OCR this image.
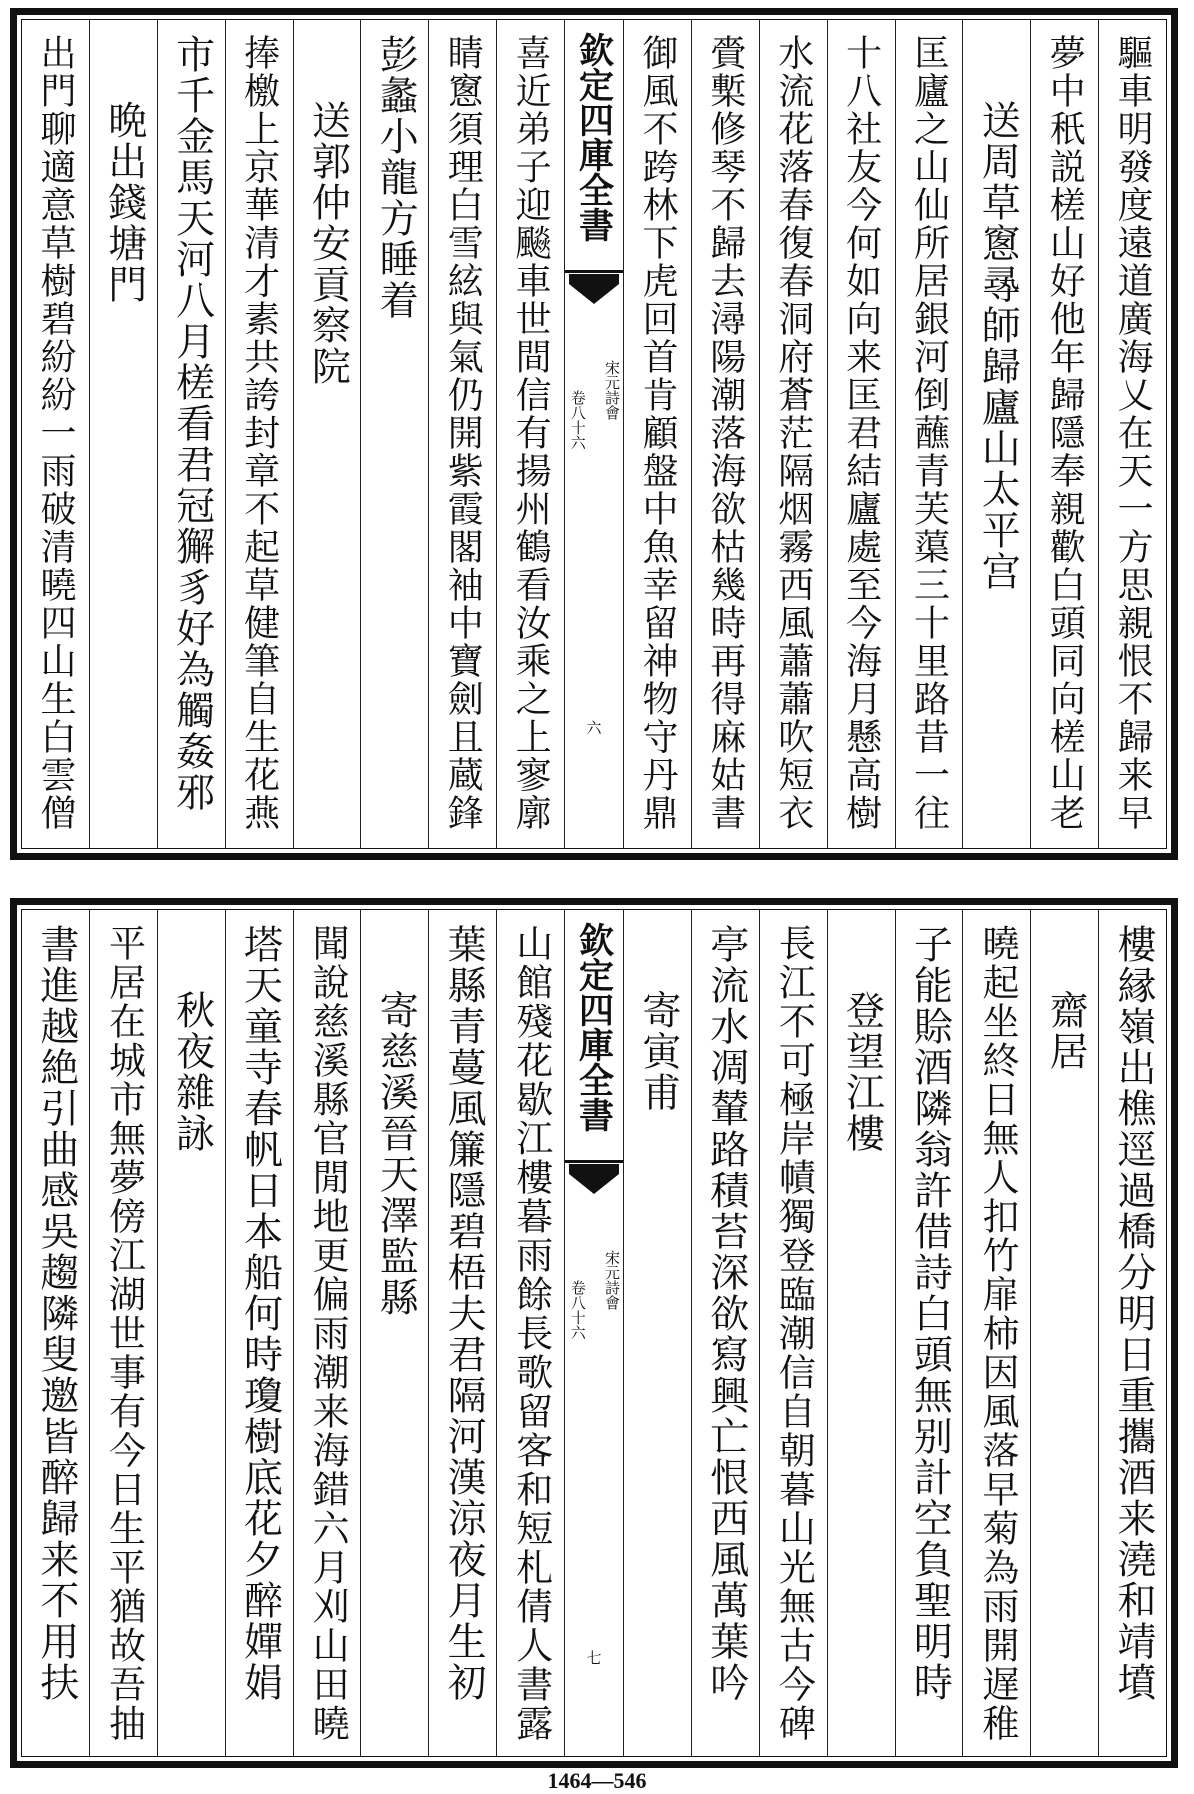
驅車明發度遠道廣海乂在天一方思親恨不歸来早
夢中秖説槎山好他年歸隱奉親歡白頭同向槎山老
送周草窻㝷師歸廬山太平宫
匡廬之山仙所居銀河倒蘸青芙蕖三十里路昔一往
十八社友今何如向来匡君結廬處至今海月懸高樹
水流花落春復春洞府蒼茫隔烟霧西風蕭蕭吹短衣
賫槧修琴不歸去潯陽潮落海欲枯幾時再得麻姑書
御風不跨林下虎回首肯顧盤中魚幸留神物守丹鼎
欽定四庫全書
宋元詩會
卷八十六
六
喜近弟子迎飈車世間信有揚州鶴看汝乘之上寥廓
睛窻須理白雪絃與氣仍開紫霞閣袖中寶劍且蔵鋒
彭蠡小龍方睡着
送郭仲安貢察院
捧檄上京華清才素共誇封章不起草健筆自生花燕
市千金馬天河八月槎看君冠獬豸好為觸姦邪
晩出錢塘門
出門聊適意草樹碧紛紛一雨破清曉四山生白雲僧
樓縁嶺出樵逕過橋分明日重攜酒来澆和靖墳
齋居
曉起坐終日無人扣竹扉柿因風落早菊為雨開遅稚
子能賒酒隣翁許借詩白頭無别計空負聖明時
登望江樓
長江不可極岸幘獨登臨潮信自朝暮山光無古今碑
亭流水凋輦路積苔深欲寫興亡恨西風萬葉吟
寄寅甫
欽定四庫全書
宋元詩會
卷八十六
七
山館殘花歇江樓暮雨餘長歌留客和短札倩人書露
葉縣青蔓風簾隱碧梧夫君隔河漢涼夜月生初
寄慈溪晉天澤監縣
聞說慈溪縣官閒地更偏雨潮来海錯六月刈山田曉
塔天童寺春帆日本船何時瓊樹底花夕醉嬋娟
秋夜雜詠
平居在城市無夢傍江湖世事有今日生平猶故吾抽
書進越絶引曲感吳趨隣叟邀皆醉歸来不用扶
1464—546
